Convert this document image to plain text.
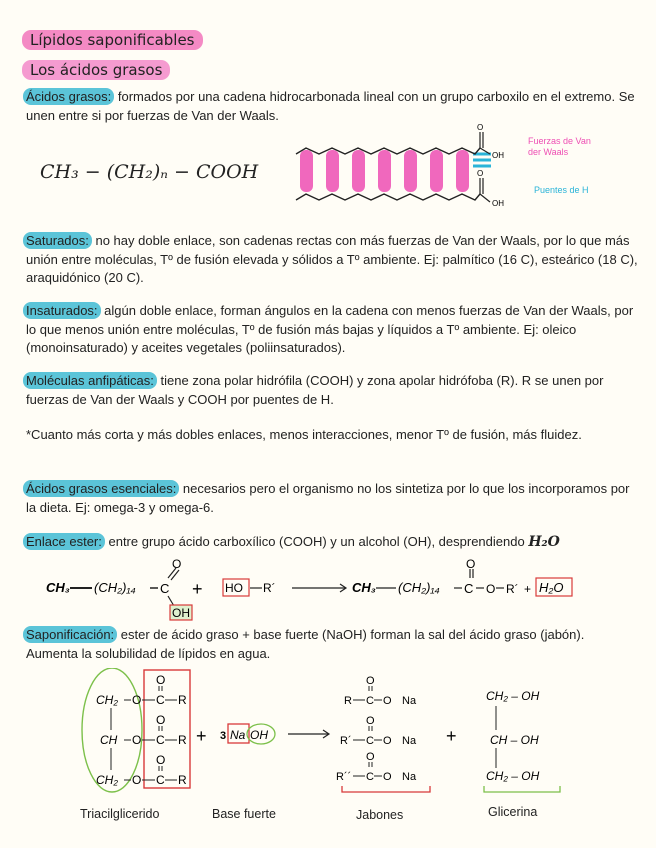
Lípidos saponificables
Los ácidos grasos
Ácidos grasos: formados por una cadena hidrocarbonada lineal con un grupo carboxilo en el extremo. Se unen entre si por fuerzas de Van der Waals.
CH₃ − (CH₂)ₙ − COOH
O
OH
O
OH
Fuerzas de Van
der Waals
Puentes de H
Saturados: no hay doble enlace, son cadenas rectas con más fuerzas de Van der Waals, por lo que más unión entre moléculas, Tº de fusión elevada y sólidos a Tº ambiente. Ej: palmítico (16 C), esteárico (18 C), araquidónico (20 C).
Insaturados: algún doble enlace, forman ángulos en la cadena con menos fuerzas de Van der Waals, por lo que menos unión entre moléculas, Tº de fusión más bajas y líquidos a Tº ambiente. Ej: oleico (monoinsaturado) y aceites vegetales (poliinsaturados).
Moléculas anfipáticas: tiene zona polar hidrófila (COOH) y zona apolar hidrófoba (R). R se unen por fuerzas de Van der Waals y COOH por puentes de H.
*Cuanto más corta y más dobles enlaces, menos interacciones, menor Tº de fusión, más fluidez.
Ácidos grasos esenciales: necesarios pero el organismo no los sintetiza por lo que los incorporamos por la dieta. Ej: omega-3 y omega-6.
Enlace ester: entre grupo ácido carboxílico (COOH) y un alcohol (OH), desprendiendo H₂O
CH₃ (CH₂)₁₄ C
O
OH
+ HO R´	CH₃ (CH₂)₁₄ C
O
O R´ + H₂O
Saponificación: ester de ácido graso + base fuerte (NaOH) forman la sal del ácido graso (jabón). Aumenta la solubilidad de lípidos en agua.
CH₂
CH
CH₂
O C R
O C R
O C R
O
O
O
+ 3 Na OH
R
R´
R´´
O
O
O
C
C
C
O
O
O
Na
Na
Na
+
CH₂ – OH
CH – OH
CH₂ – OH
Triacilglicerido	Base fuerte	Jabones	Glicerina
